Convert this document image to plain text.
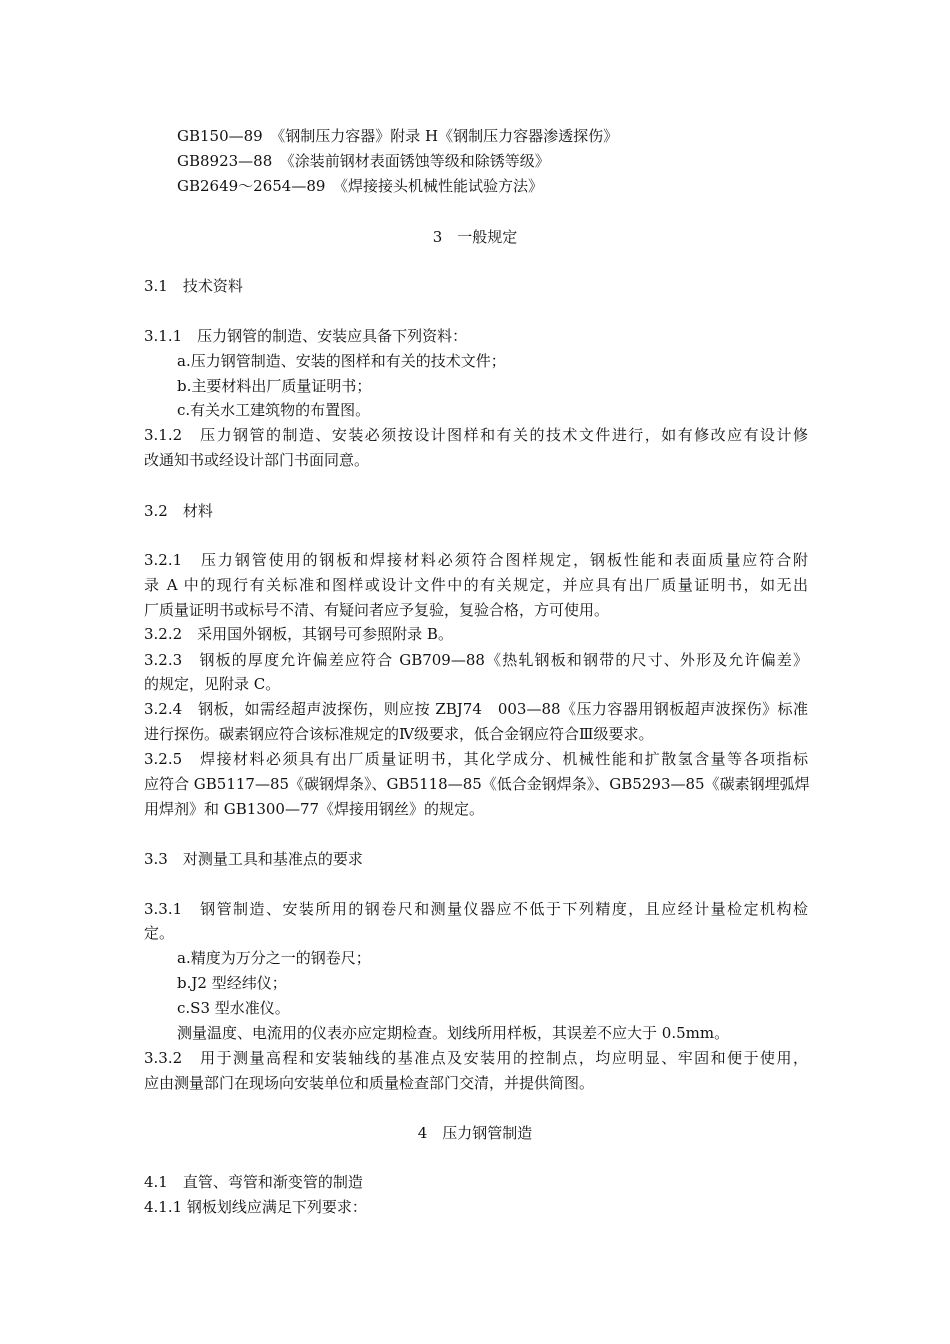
GB150—89　《钢制压力容器》附录 H《钢制压力容器渗透探伤》
GB8923—88　《涂装前钢材表面锈蚀等级和除锈等级》
GB2649～2654—89　《焊接接头机械性能试验方法》
3　一般规定
3.1　技术资料
3.1.1　压力钢管的制造、安装应具备下列资料：
a.压力钢管制造、安装的图样和有关的技术文件；
b.主要材料出厂质量证明书；
c.有关水工建筑物的布置图。
3.1.2　压力钢管的制造、安装必须按设计图样和有关的技术文件进行，如有修改应有设计修
改通知书或经设计部门书面同意。
3.2　材料
3.2.1　压力钢管使用的钢板和焊接材料必须符合图样规定，钢板性能和表面质量应符合附
录 A 中的现行有关标准和图样或设计文件中的有关规定，并应具有出厂质量证明书，如无出
厂质量证明书或标号不清、有疑问者应予复验，复验合格，方可使用。
3.2.2　采用国外钢板，其钢号可参照附录 B。
3.2.3　钢板的厚度允许偏差应符合 GB709—88《热轧钢板和钢带的尺寸、外形及允许偏差》
的规定，见附录 C。
3.2.4　钢板，如需经超声波探伤，则应按 ZBJ74　003—88《压力容器用钢板超声波探伤》标准
进行探伤。碳素钢应符合该标准规定的Ⅳ级要求，低合金钢应符合Ⅲ级要求。
3.2.5　焊接材料必须具有出厂质量证明书，其化学成分、机械性能和扩散氢含量等各项指标
应符合 GB5117—85《碳钢焊条》、GB5118—85《低合金钢焊条》、GB5293—85《碳素钢埋弧焊
用焊剂》和 GB1300—77《焊接用钢丝》的规定。
3.3　对测量工具和基准点的要求
3.3.1　钢管制造、安装所用的钢卷尺和测量仪器应不低于下列精度，且应经计量检定机构检
定。
a.精度为万分之一的钢卷尺；
b.J2 型经纬仪；
c.S3 型水准仪。
测量温度、电流用的仪表亦应定期检查。划线所用样板，其误差不应大于 0.5mm。
3.3.2　用于测量高程和安装轴线的基准点及安装用的控制点，均应明显、牢固和便于使用，
应由测量部门在现场向安装单位和质量检查部门交清，并提供简图。
4　压力钢管制造
4.1　直管、弯管和渐变管的制造
4.1.1 钢板划线应满足下列要求：
